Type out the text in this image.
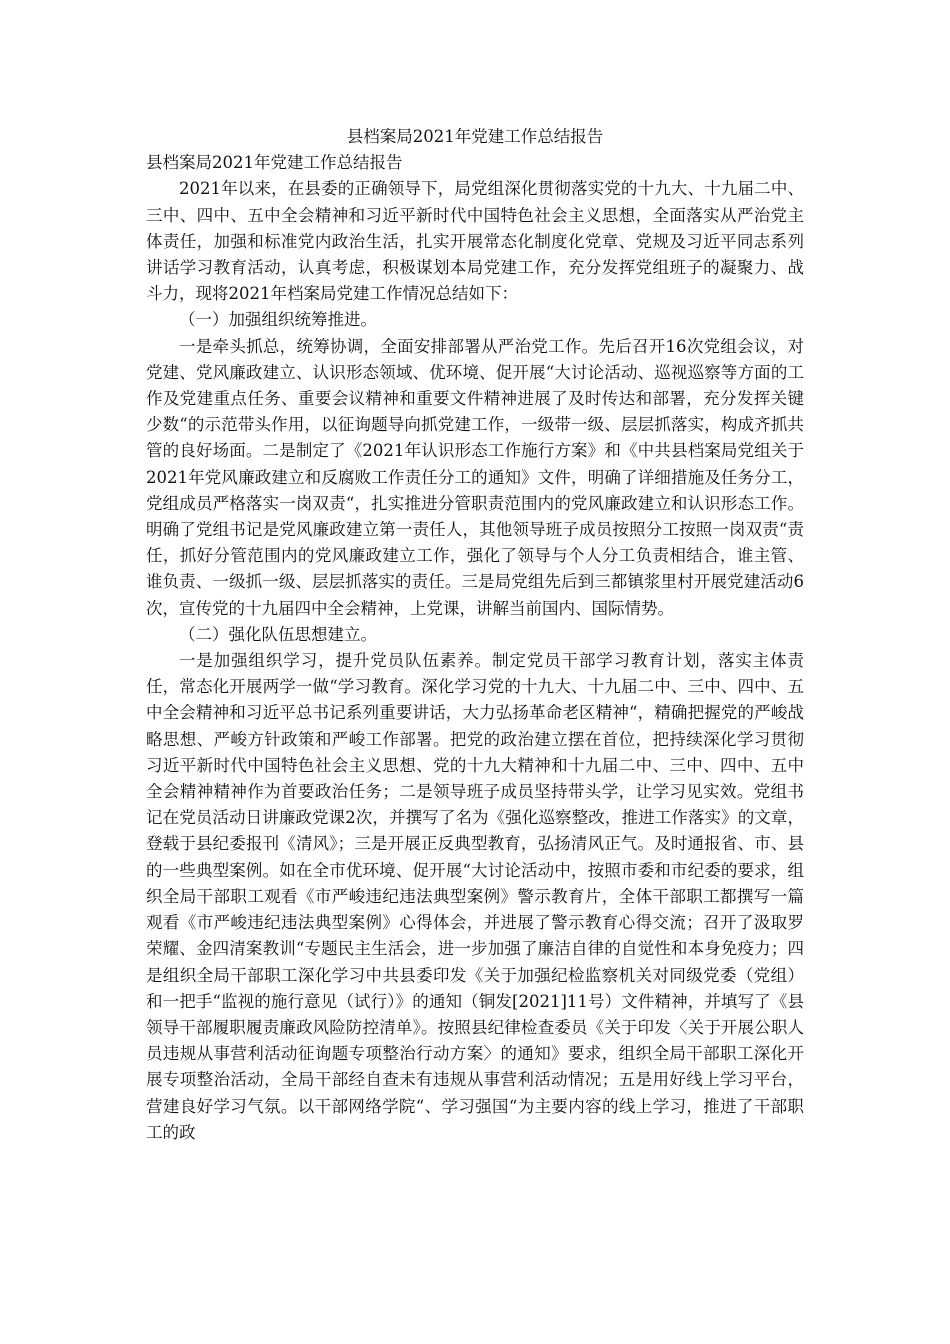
县档案局2021年党建工作总结报告

县档案局2021年党建工作总结报告

2021年以来，在县委的正确领导下，局党组深化贯彻落实党的十九大、十九届二中、三中、四中、五中全会精神和习近平新时代中国特色社会主义思想，全面落实从严治党主体责任，加强和标准党内政治生活，扎实开展常态化制度化党章、党规及习近平同志系列讲话学习教育活动，认真考虑，积极谋划本局党建工作，充分发挥党组班子的凝聚力、战斗力，现将2021年档案局党建工作情况总结如下：

（一）加强组织统筹推进。

一是牵头抓总，统筹协调，全面安排部署从严治党工作。先后召开16次党组会议，对党建、党风廉政建立、认识形态领域、优环境、促开展“大讨论活动、巡视巡察等方面的工作及党建重点任务、重要会议精神和重要文件精神进展了及时传达和部署，充分发挥关键少数“的示范带头作用，以征询题导向抓党建工作，一级带一级、层层抓落实，构成齐抓共管的良好场面。二是制定了《2021年认识形态工作施行方案》和《中共县档案局党组关于2021年党风廉政建立和反腐败工作责任分工的通知》文件，明确了详细措施及任务分工，党组成员严格落实一岗双责“，扎实推进分管职责范围内的党风廉政建立和认识形态工作。明确了党组书记是党风廉政建立第一责任人，其他领导班子成员按照分工按照一岗双责“责任，抓好分管范围内的党风廉政建立工作，强化了领导与个人分工负责相结合，谁主管、谁负责、一级抓一级、层层抓落实的责任。三是局党组先后到三都镇浆里村开展党建活动6次，宣传党的十九届四中全会精神，上党课，讲解当前国内、国际情势。

（二）强化队伍思想建立。

一是加强组织学习，提升党员队伍素养。制定党员干部学习教育计划，落实主体责任，常态化开展两学一做“学习教育。深化学习党的十九大、十九届二中、三中、四中、五中全会精神和习近平总书记系列重要讲话，大力弘扬革命老区精神“，精确把握党的严峻战略思想、严峻方针政策和严峻工作部署。把党的政治建立摆在首位，把持续深化学习贯彻习近平新时代中国特色社会主义思想、党的十九大精神和十九届二中、三中、四中、五中全会精神精神作为首要政治任务；二是领导班子成员坚持带头学，让学习见实效。党组书记在党员活动日讲廉政党课2次，并撰写了名为《强化巡察整改，推进工作落实》的文章，登载于县纪委报刊《清风》；三是开展正反典型教育，弘扬清风正气。及时通报省、市、县的一些典型案例。如在全市优环境、促开展“大讨论活动中，按照市委和市纪委的要求，组织全局干部职工观看《市严峻违纪违法典型案例》警示教育片，全体干部职工都撰写一篇观看《市严峻违纪违法典型案例》心得体会，并进展了警示教育心得交流；召开了汲取罗荣耀、金四清案教训“专题民主生活会，进一步加强了廉洁自律的自觉性和本身免疫力；四是组织全局干部职工深化学习中共县委印发《关于加强纪检监察机关对同级党委（党组）和一把手“监视的施行意见（试行）》的通知（铜发[2021]11号）文件精神，并填写了《县领导干部履职履责廉政风险防控清单》。按照县纪律检查委员《关于印发〈关于开展公职人员违规从事营利活动征询题专项整治行动方案〉的通知》要求，组织全局干部职工深化开展专项整治活动，全局干部经自查未有违规从事营利活动情况；五是用好线上学习平台，营建良好学习气氛。以干部网络学院“、学习强国“为主要内容的线上学习，推进了干部职工的政
